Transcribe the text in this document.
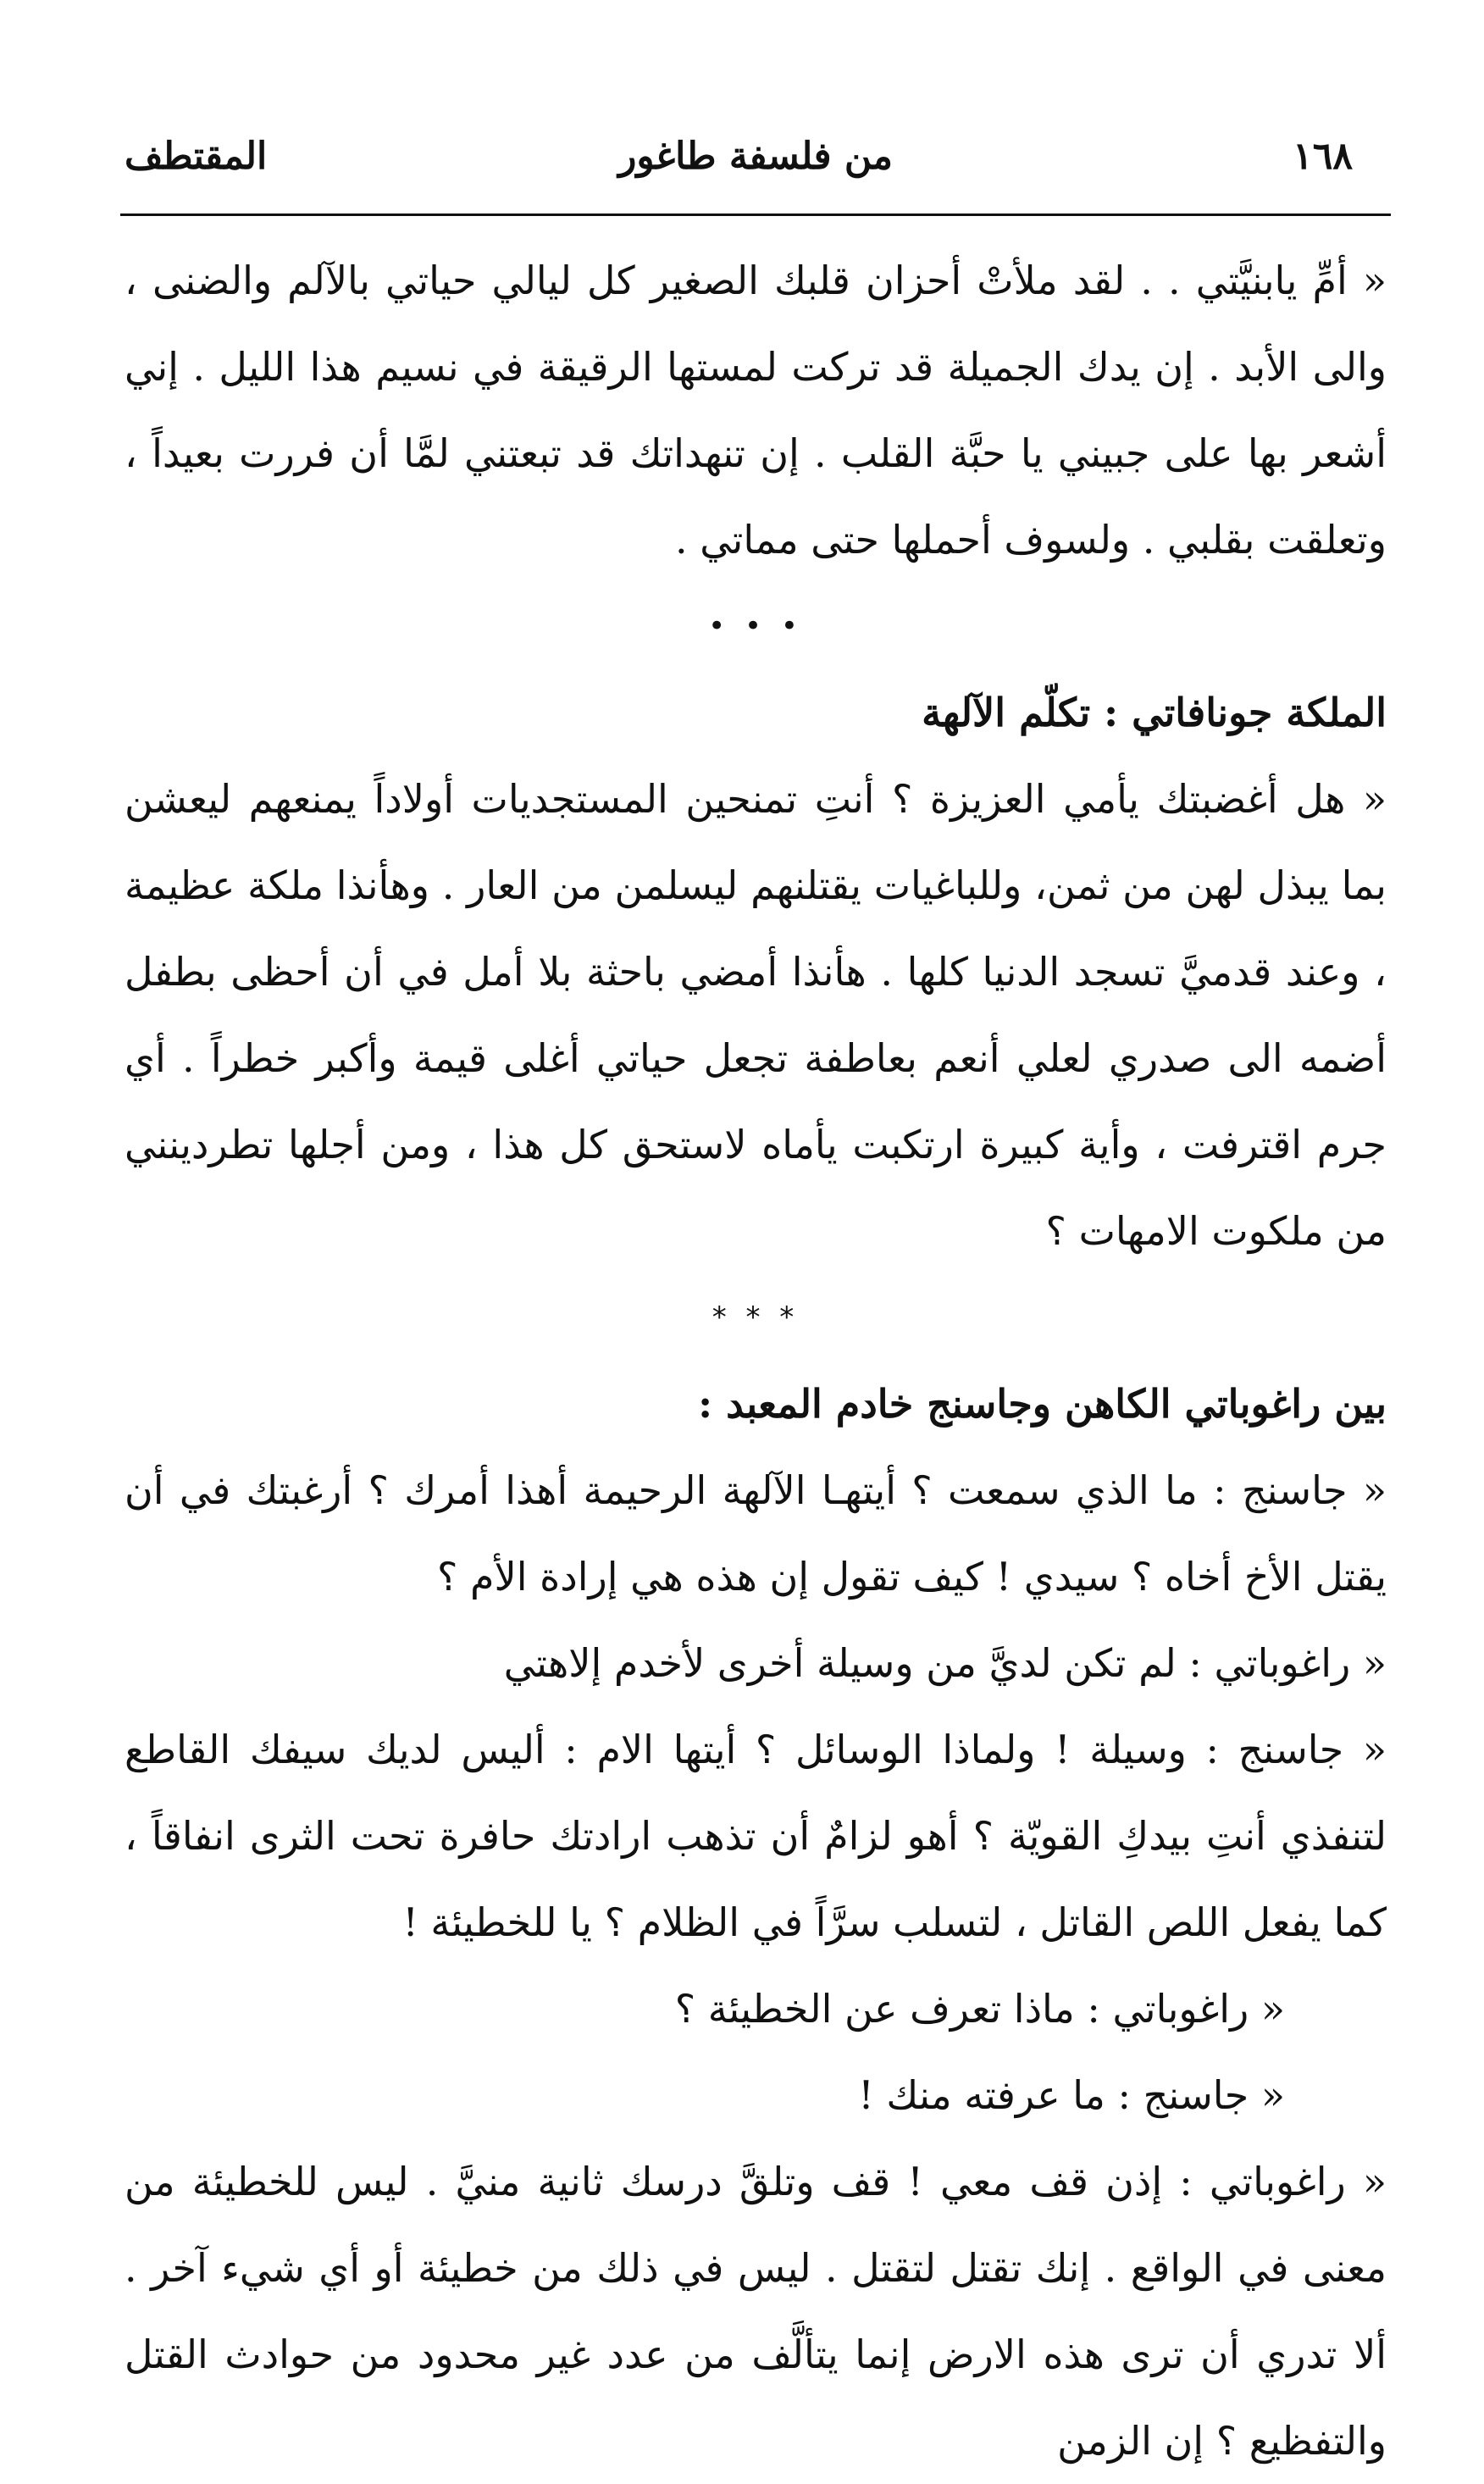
١٦٨
من فلسفة طاغور
المقتطف

« أمِّ يابنيَّتي . . لقد ملأتْ أحزان قلبك الصغير كل ليالي حياتي بالآلم والضنى ، والى الأبد . إن يدك الجميلة قد تركت لمستها الرقيقة في نسيم هذا الليل . إني أشعر بها على جبيني يا حبَّة القلب . إن تنهداتك قد تبعتني لمَّا أن فررت بعيداً ، وتعلقت بقلبي . ولسوف أحملها حتى مماتي .

• • •

الملكة جونافاتي : تكلّم الآلهة

« هل أغضبتك يأمي العزيزة ؟ أنتِ تمنحين المستجديات أولاداً يمنعهم ليعشن بما يبذل لهن من ثمن، وللباغيات يقتلنهم ليسلمن من العار . وهأنذا ملكة عظيمة ، وعند قدميَّ تسجد الدنيا كلها . هأنذا أمضي باحثة بلا أمل في أن أحظى بطفل أضمه الى صدري لعلي أنعم بعاطفة تجعل حياتي أغلى قيمة وأكبر خطراً . أي جرم اقترفت ، وأية كبيرة ارتكبت يأماه لاستحق كل هذا ، ومن أجلها تطردينني من ملكوت الامهات ؟

* * *

بين راغوباتي الكاهن وجاسنج خادم المعبد :

« جاسنج : ما الذي سمعت ؟ أيتهـا الآلهة الرحيمة أهذا أمرك ؟ أرغبتك في أن يقتل الأخ أخاه ؟ سيدي ! كيف تقول إن هذه هي إرادة الأم ؟

« راغوباتي : لم تكن لديَّ من وسيلة أخرى لأخدم إلاهتي

« جاسنج : وسيلة ! ولماذا الوسائل ؟ أيتها الام : أليس لديك سيفك القاطع لتنفذي أنتِ بيدكِ القويّة ؟ أهو لزامٌ أن تذهب ارادتك حافرة تحت الثرى انفاقاً ، كما يفعل اللص القاتل ، لتسلب سرَّاً في الظلام ؟ يا للخطيئة !

« راغوباتي : ماذا تعرف عن الخطيئة ؟

« جاسنج : ما عرفته منك !

« راغوباتي : إذن قف معي ! قف وتلقَّ درسك ثانية منيَّ . ليس للخطيئة من معنى في الواقع . إنك تقتل لتقتل . ليس في ذلك من خطيئة أو أي شيء آخر . ألا تدري أن ترى هذه الارض إنما يتألَّف من عدد غير محدود من حوادث القتل والتفظيع ؟ إن الزمن
